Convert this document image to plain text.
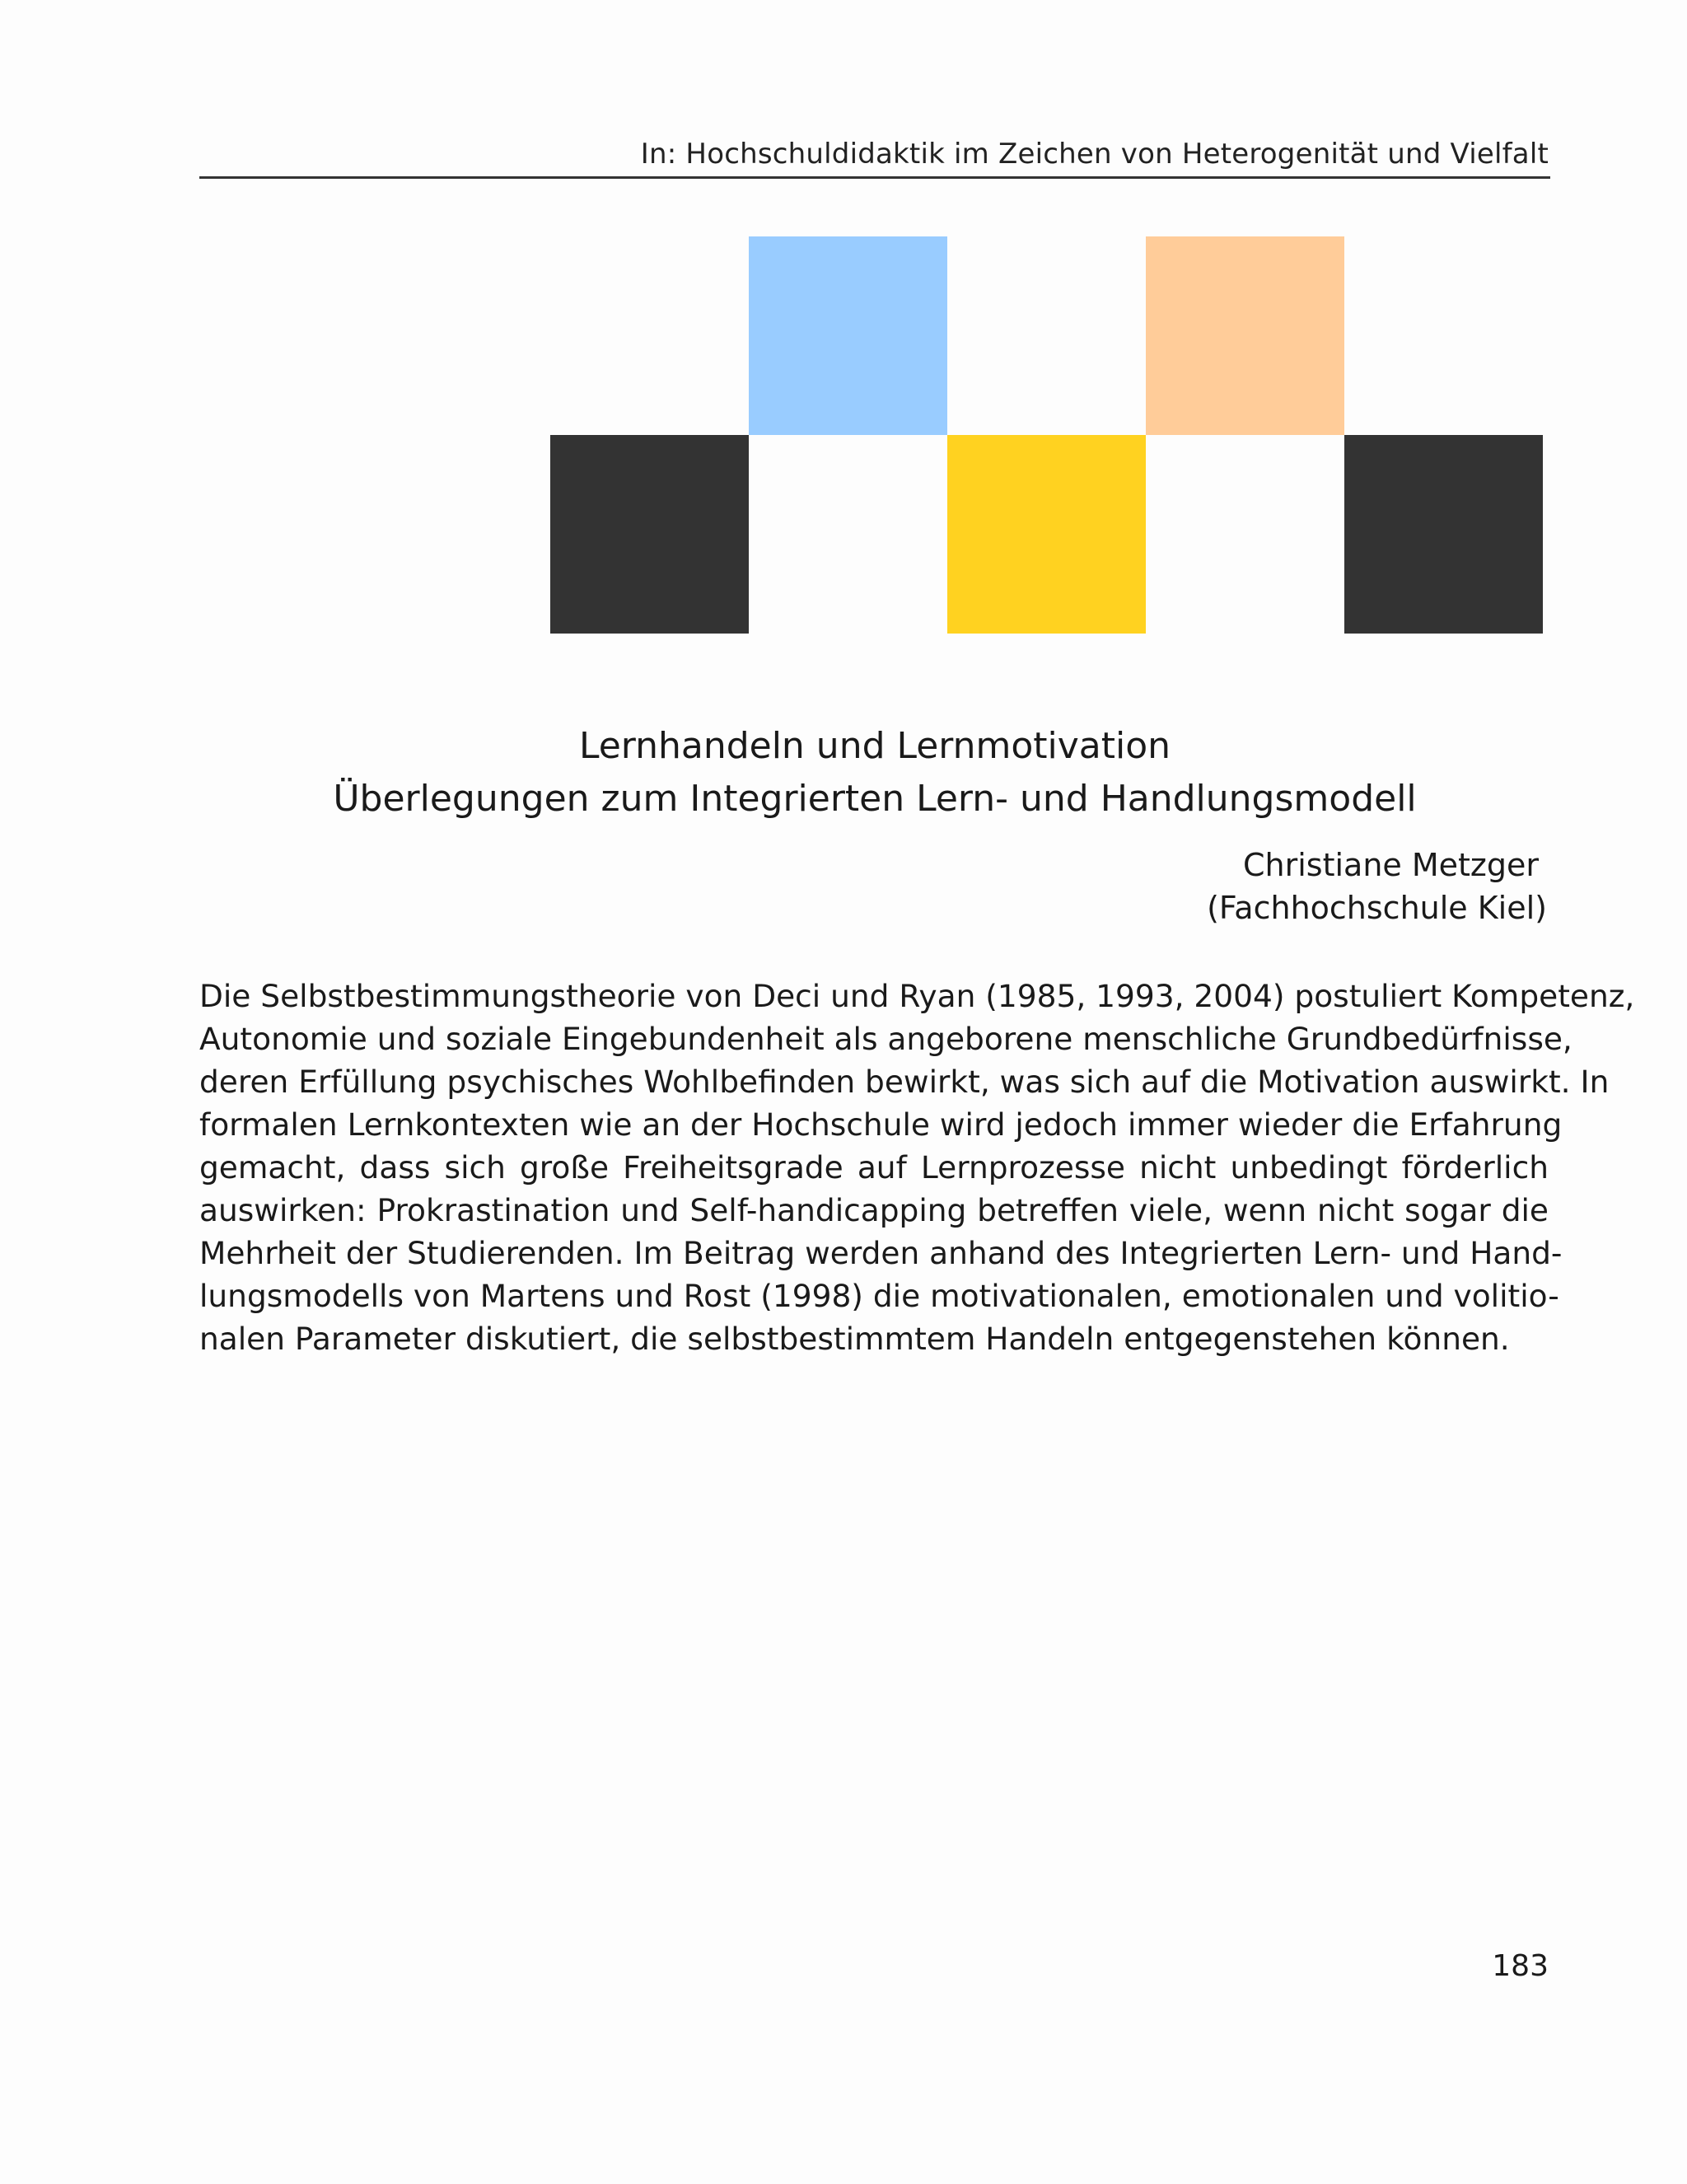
In: Hochschuldidaktik im Zeichen von Heterogenität und Vielfalt
Lernhandeln und Lernmotivation
Überlegungen zum Integrierten Lern- und Handlungsmodell
Christiane Metzger
(Fachhochschule Kiel)
Die Selbstbestimmungstheorie von Deci und Ryan (1985, 1993, 2004) postuliert Kompetenz,
Autonomie und soziale Eingebundenheit als angeborene menschliche Grundbedürfnisse,
deren Erfüllung psychisches Wohlbefinden bewirkt, was sich auf die Motivation auswirkt. In
formalen Lernkontexten wie an der Hochschule wird jedoch immer wieder die Erfahrung
gemacht, dass sich große Freiheitsgrade auf Lernprozesse nicht unbedingt förderlich
auswirken: Prokrastination und Self-handicapping betreffen viele, wenn nicht sogar die
Mehrheit der Studierenden. Im Beitrag werden anhand des Integrierten Lern- und Hand-
lungsmodells von Martens und Rost (1998) die motivationalen, emotionalen und volitio-
nalen Parameter diskutiert, die selbstbestimmtem Handeln entgegenstehen können.
183
